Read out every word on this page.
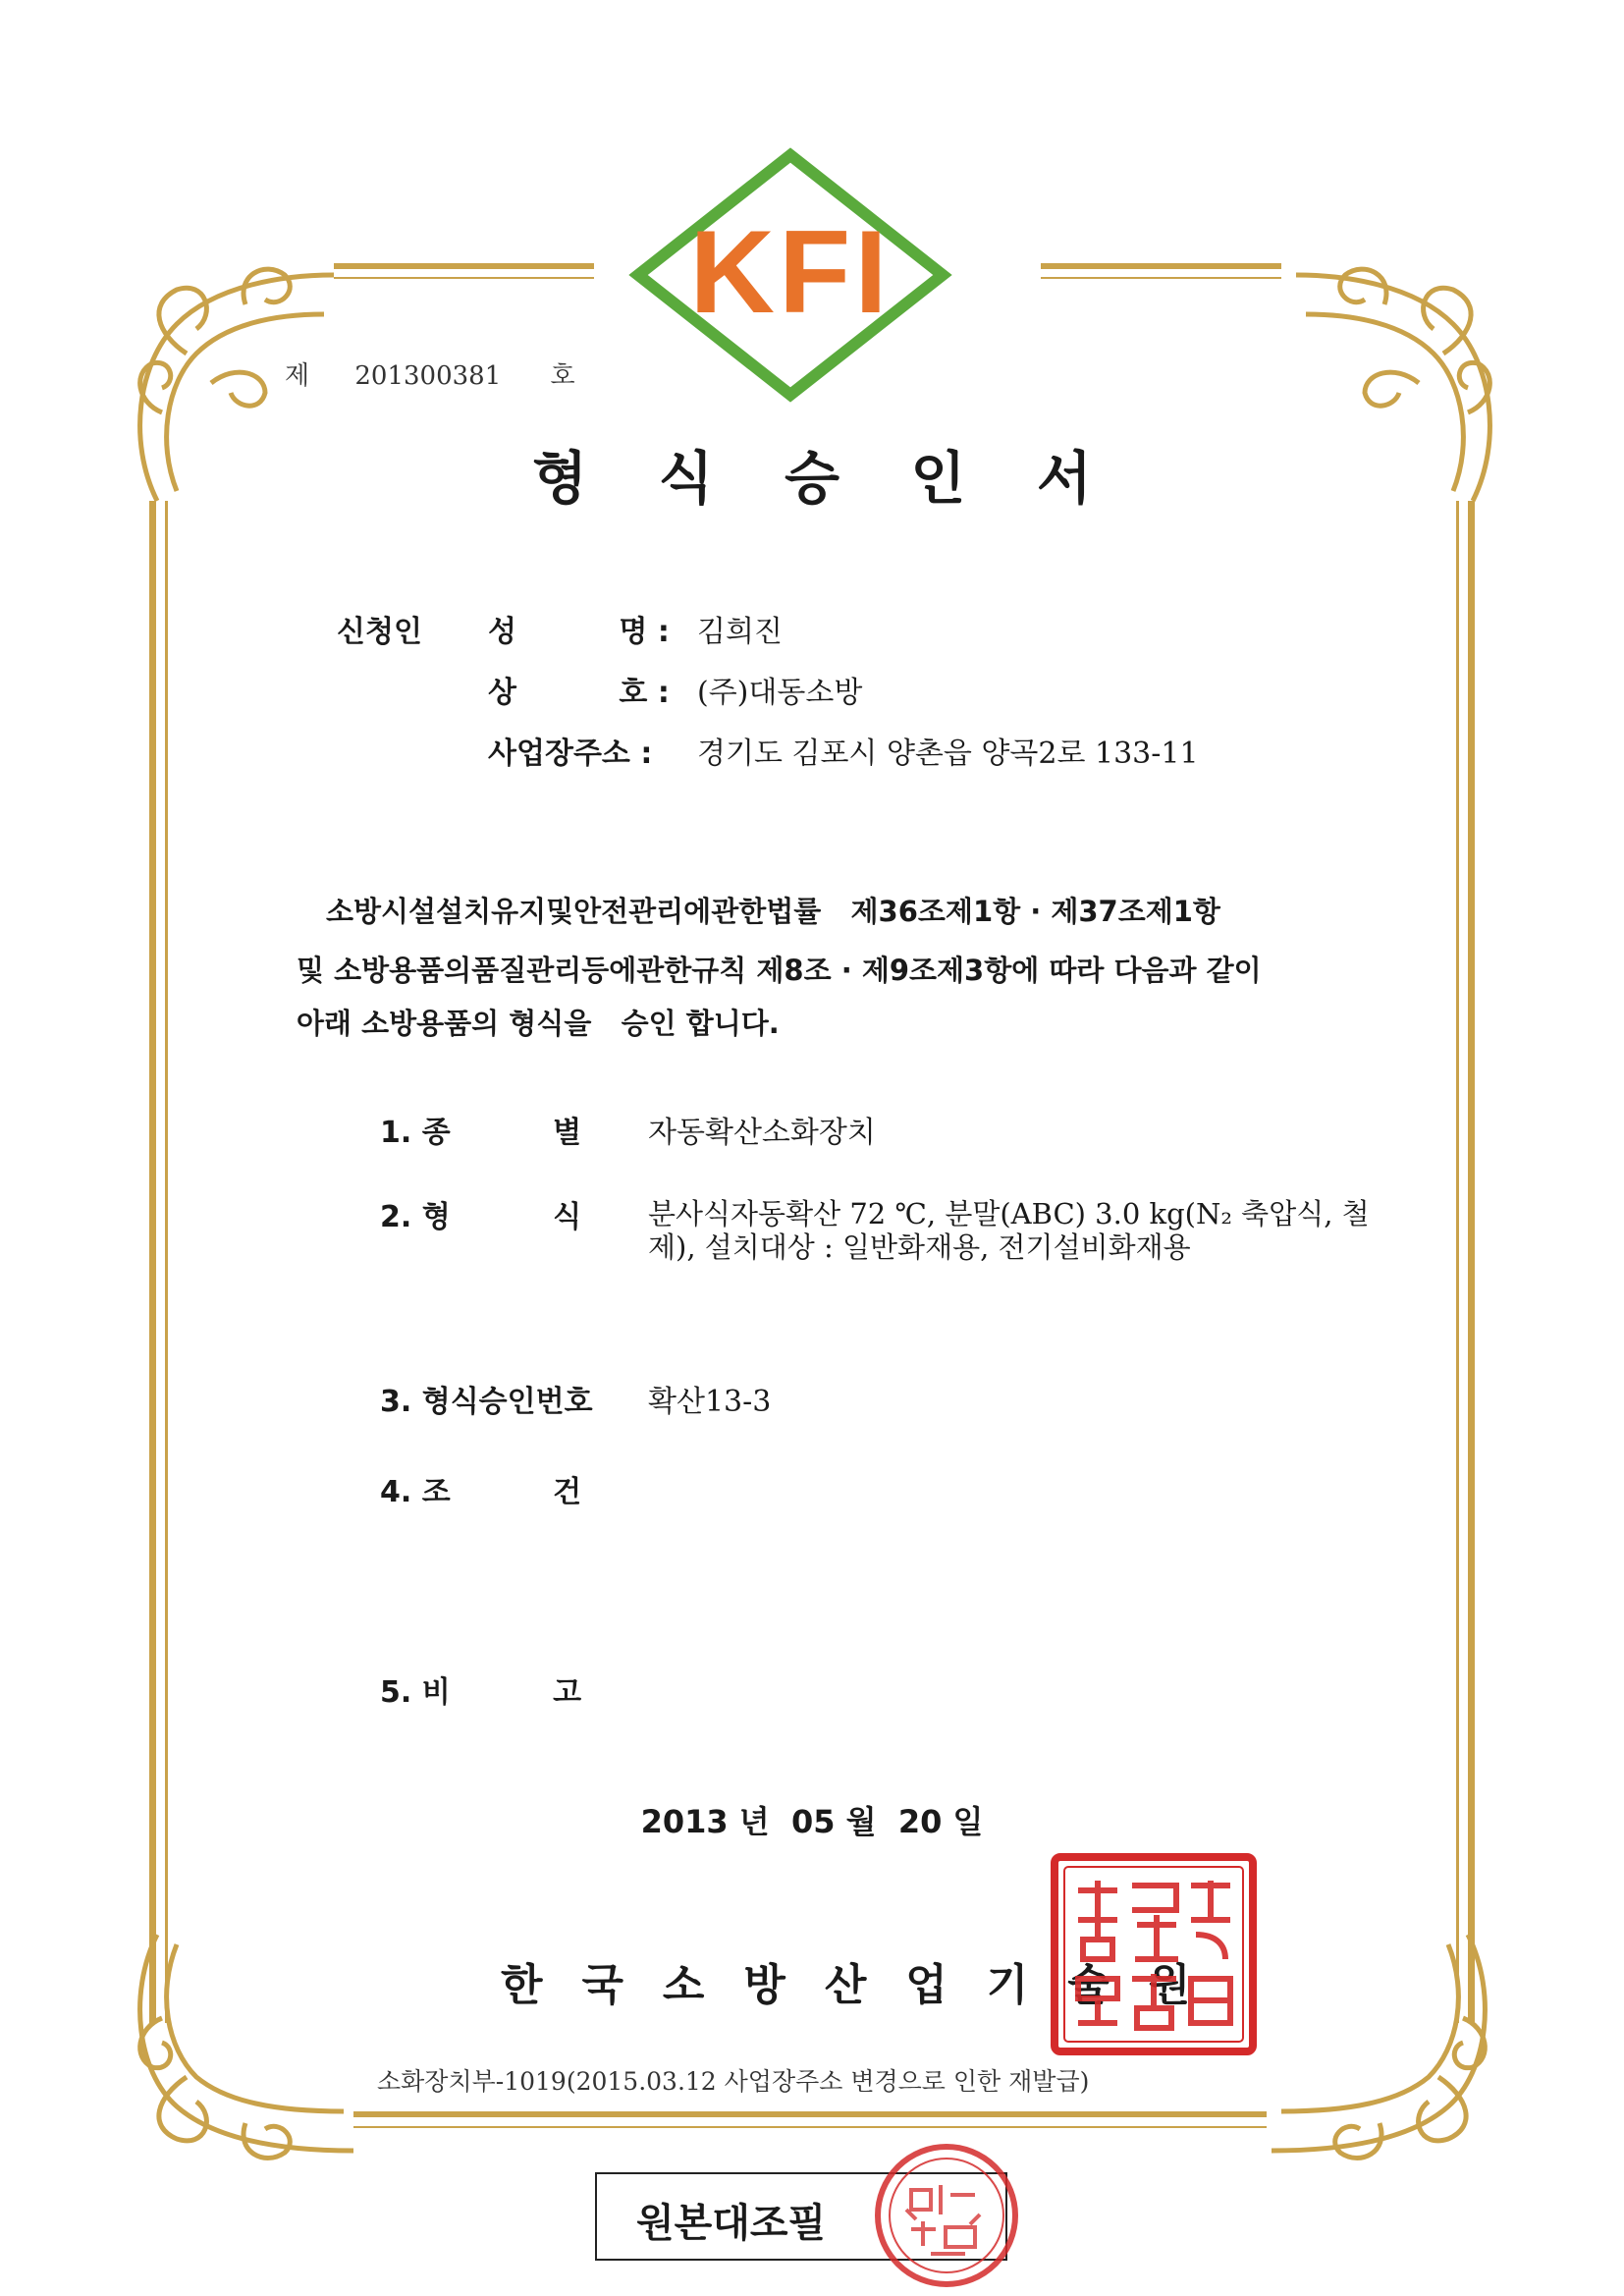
KFI
제 201300381 호
형 식 승 인 서
신청인 성          명 : 김희진
상          호 : (주)대동소방
사업장주소 : 경기도 김포시 양촌읍 양곡2로 133-11
소방시설설치유지및안전관리에관한법률   제36조제1항 · 제37조제1항
및 소방용품의품질관리등에관한규칙 제8조 · 제9조제3항에 따라 다음과 같이
아래 소방용품의 형식을   승인 합니다.
1. 종          별 자동확산소화장치
2. 형          식 분사식자동확산 72 ℃, 분말(ABC) 3.0 kg(N₂ 축압식, 철
제), 설치대상 : 일반화재용, 전기설비화재용
3. 형식승인번호 확산13-3
4. 조          건
5. 비          고
2013 년  05 월  20 일
한 국 소 방 산 업 기 술 원
소화장치부-1019(2015.03.12 사업장주소 변경으로 인한 재발급)
원본대조필
